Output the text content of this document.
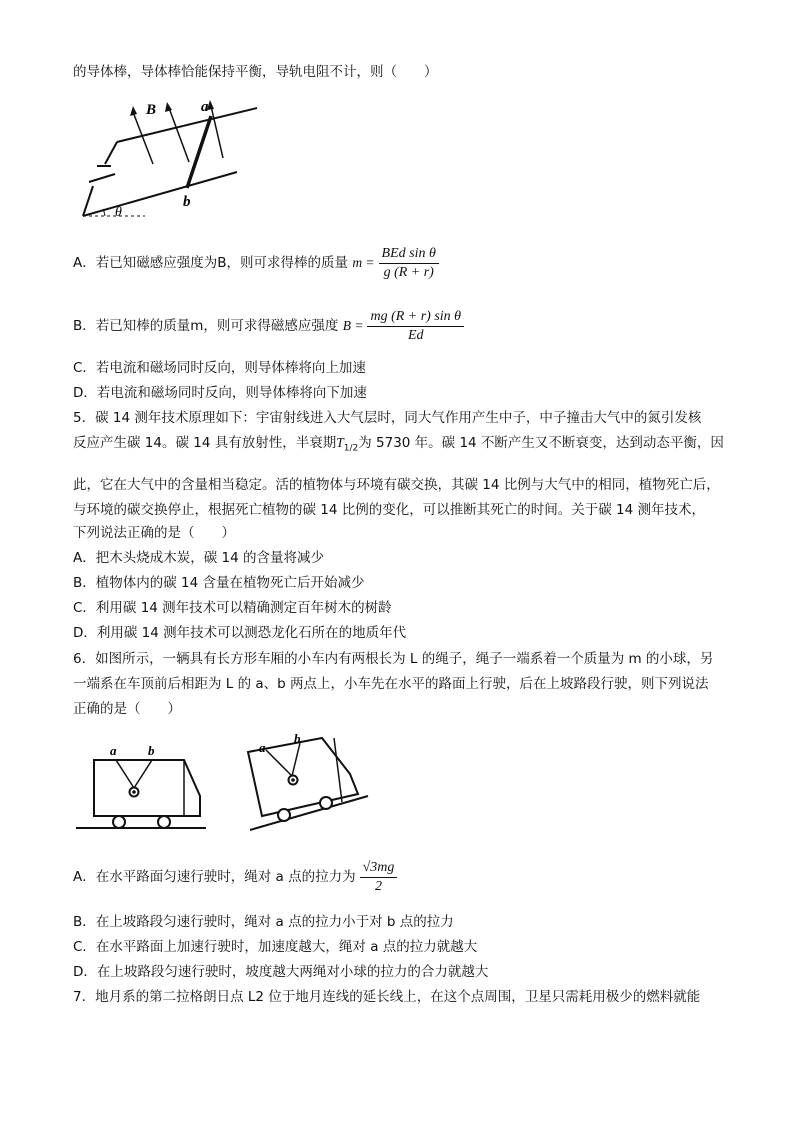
的导体棒，导体棒恰能保持平衡，导轨电阻不计，则（　　）
B	a
b
θ
A．若已知磁感应强度为B，则可求得棒的质量 $m = \frac{\text{BEd sin θ}}{g (R + r)}$
B．若已知棒的质量m，则可求得磁感应强度 $B = \frac{\text{mg (R + r) sin θ}}{Ed}$
C．若电流和磁场同时反向，则导体棒将向上加速
D．若电流和磁场同时反向，则导体棒将向下加速
5．碳 14 测年技术原理如下：宇宙射线进入大气层时，同大气作用产生中子，中子撞击大气中的氮引发核
反应产生碳 14。碳 14 具有放射性，半衰期$T_{1/2}$为 5730 年。碳 14 不断产生又不断衰变，达到动态平衡，因
此，它在大气中的含量相当稳定。活的植物体与环境有碳交换，其碳 14 比例与大气中的相同，植物死亡后，
与环境的碳交换停止，根据死亡植物的碳 14 比例的变化，可以推断其死亡的时间。关于碳 14 测年技术，
下列说法正确的是（　　）
A．把木头烧成木炭，碳 14 的含量将减少
B．植物体内的碳 14 含量在植物死亡后开始减少
C．利用碳 14 测年技术可以精确测定百年树木的树龄
D．利用碳 14 测年技术可以测恐龙化石所在的地质年代
6．如图所示，一辆具有长方形车厢的小车内有两根长为 L 的绳子，绳子一端系着一个质量为 m 的小球，另
一端系在车顶前后相距为 L 的 a、b 两点上，小车先在水平的路面上行驶，后在上坡路段行驶，则下列说法
正确的是（　　）
a b	a
b
A．在水平路面匀速行驶时，绳对 a 点的拉力为 $\frac{√3mg}{2}$
B．在上坡路段匀速行驶时，绳对 a 点的拉力小于对 b 点的拉力
C．在水平路面上加速行驶时，加速度越大，绳对 a 点的拉力就越大
D．在上坡路段匀速行驶时，坡度越大两绳对小球的拉力的合力就越大
7．地月系的第二拉格朗日点 L2 位于地月连线的延长线上，在这个点周围，卫星只需耗用极少的燃料就能
